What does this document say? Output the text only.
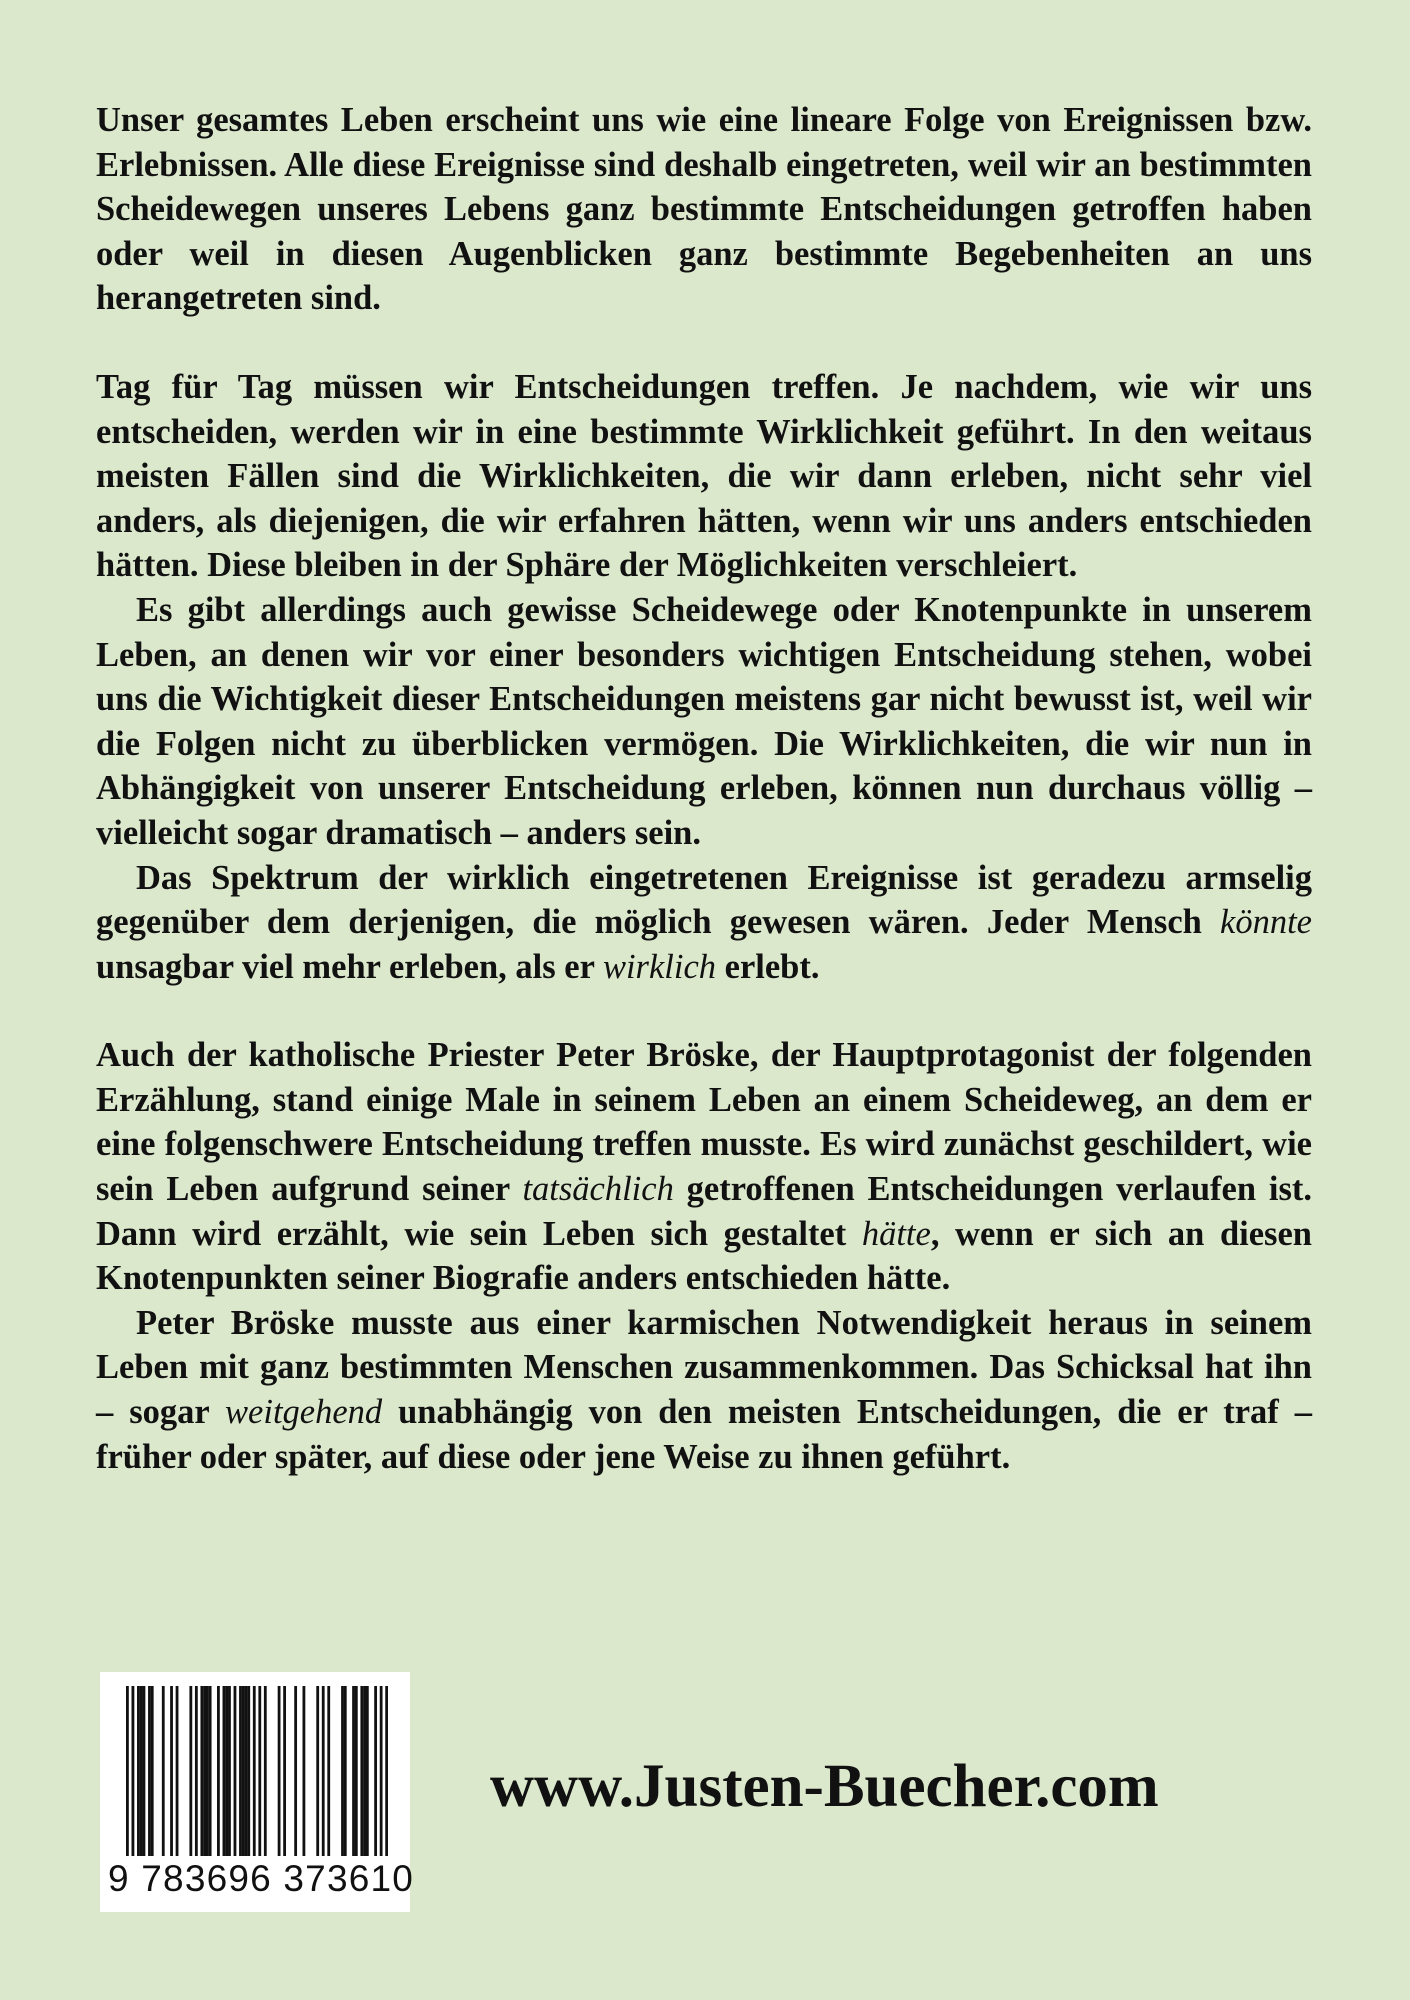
Unser gesamtes Leben erscheint uns wie eine lineare Folge von Ereignissen bzw. Erlebnissen. Alle diese Ereignisse sind deshalb eingetreten, weil wir an bestimmten Scheidewegen unseres Lebens ganz bestimmte Entscheidungen getroffen haben oder weil in diesen Augenblicken ganz bestimmte Begebenheiten an uns herangetreten sind.

Tag für Tag müssen wir Entscheidungen treffen. Je nachdem, wie wir uns entscheiden, werden wir in eine bestimmte Wirklichkeit geführt. In den weitaus meisten Fällen sind die Wirklichkeiten, die wir dann erleben, nicht sehr viel anders, als diejenigen, die wir erfahren hätten, wenn wir uns anders entschieden hätten. Diese bleiben in der Sphäre der Möglichkeiten verschleiert.

Es gibt allerdings auch gewisse Scheidewege oder Knotenpunkte in unserem Leben, an denen wir vor einer besonders wichtigen Entscheidung stehen, wobei uns die Wichtigkeit dieser Entscheidungen meistens gar nicht bewusst ist, weil wir die Folgen nicht zu überblicken vermögen. Die Wirklichkeiten, die wir nun in Abhängigkeit von unserer Entscheidung erleben, können nun durchaus völlig – vielleicht sogar dramatisch – anders sein.

Das Spektrum der wirklich eingetretenen Ereignisse ist geradezu armselig gegenüber dem derjenigen, die möglich gewesen wären. Jeder Mensch könnte unsagbar viel mehr erleben, als er wirklich erlebt.

Auch der katholische Priester Peter Bröske, der Hauptprotagonist der folgenden Erzählung, stand einige Male in seinem Leben an einem Scheideweg, an dem er eine folgenschwere Entscheidung treffen musste. Es wird zunächst geschildert, wie sein Leben aufgrund seiner tatsächlich getroffenen Entscheidungen verlaufen ist. Dann wird erzählt, wie sein Leben sich gestaltet hätte, wenn er sich an diesen Knotenpunkten seiner Biografie anders entschieden hätte.

Peter Bröske musste aus einer karmischen Notwendigkeit heraus in seinem Leben mit ganz bestimmten Menschen zusammenkommen. Das Schicksal hat ihn – sogar weitgehend unabhängig von den meisten Entscheidungen, die er traf – früher oder später, auf diese oder jene Weise zu ihnen geführt.

9 783696 373610
www.Justen-Buecher.com
